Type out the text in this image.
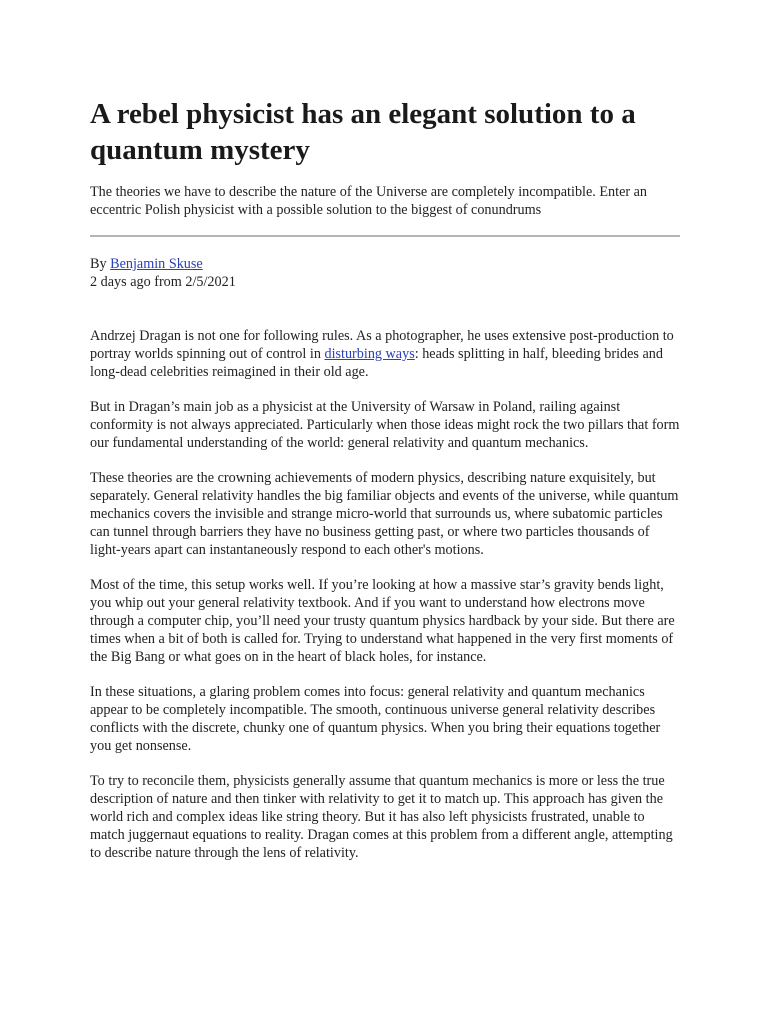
A rebel physicist has an elegant solution to a quantum mystery

The theories we have to describe the nature of the Universe are completely incompatible. Enter an eccentric Polish physicist with a possible solution to the biggest of conundrums

By Benjamin Skuse
2 days ago from 2/5/2021

Andrzej Dragan is not one for following rules. As a photographer, he uses extensive post-production to portray worlds spinning out of control in disturbing ways: heads splitting in half, bleeding brides and long-dead celebrities reimagined in their old age.

But in Dragan’s main job as a physicist at the University of Warsaw in Poland, railing against conformity is not always appreciated. Particularly when those ideas might rock the two pillars that form our fundamental understanding of the world: general relativity and quantum mechanics.

These theories are the crowning achievements of modern physics, describing nature exquisitely, but separately. General relativity handles the big familiar objects and events of the universe, while quantum mechanics covers the invisible and strange micro-world that surrounds us, where subatomic particles can tunnel through barriers they have no business getting past, or where two particles thousands of light-years apart can instantaneously respond to each other's motions.

Most of the time, this setup works well. If you’re looking at how a massive star’s gravity bends light, you whip out your general relativity textbook. And if you want to understand how electrons move through a computer chip, you’ll need your trusty quantum physics hardback by your side. But there are times when a bit of both is called for. Trying to understand what happened in the very first moments of the Big Bang or what goes on in the heart of black holes, for instance.

In these situations, a glaring problem comes into focus: general relativity and quantum mechanics appear to be completely incompatible. The smooth, continuous universe general relativity describes conflicts with the discrete, chunky one of quantum physics. When you bring their equations together you get nonsense.

To try to reconcile them, physicists generally assume that quantum mechanics is more or less the true description of nature and then tinker with relativity to get it to match up. This approach has given the world rich and complex ideas like string theory. But it has also left physicists frustrated, unable to match juggernaut equations to reality. Dragan comes at this problem from a different angle, attempting to describe nature through the lens of relativity.
